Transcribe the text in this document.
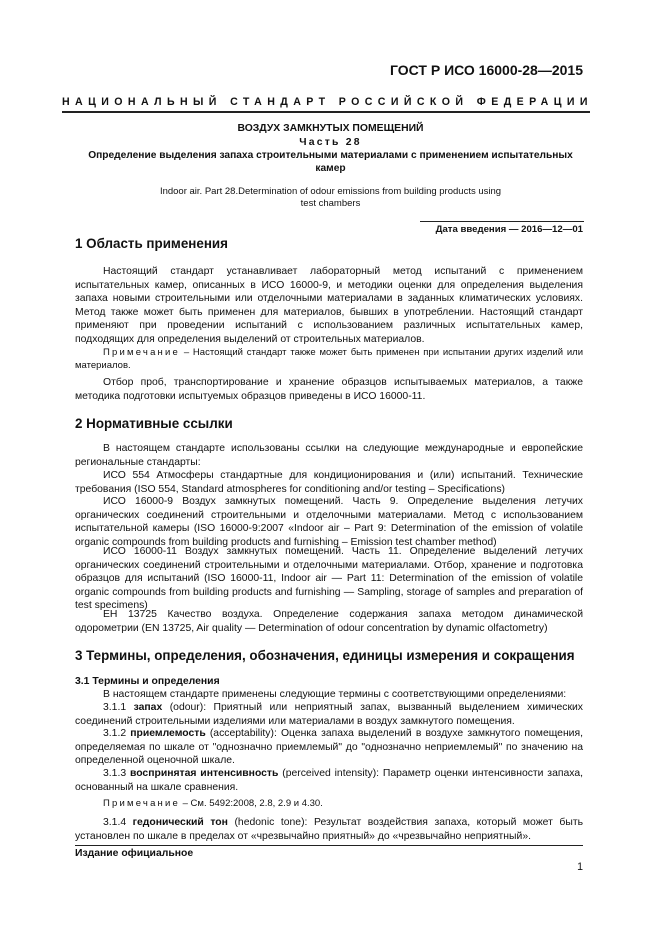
ГОСТ Р ИСО 16000-28—2015
НАЦИОНАЛЬНЫЙ СТАНДАРТ РОССИЙСКОЙ ФЕДЕРАЦИИ
ВОЗДУХ ЗАМКНУТЫХ ПОМЕЩЕНИЙ
Часть 28
Определение выделения запаха строительными материалами с применением испытательных
камер
Indoor air. Part 28.Determination of odour emissions from building products using
test chambers
Дата введения — 2016—12—01
1 Область применения

Настоящий стандарт устанавливает лабораторный метод испытаний с применением испытательных камер, описанных в ИСО 16000-9, и методики оценки для определения выделения запаха новыми строительными или отделочными материалами в заданных климатических условиях. Метод также может быть применен для материалов, бывших в употреблении. Настоящий стандарт применяют при проведении испытаний с использованием различных испытательных камер, подходящих для определения выделений от строительных материалов.

Примечание – Настоящий стандарт также может быть применен при испытании других изделий или материалов.

Отбор проб, транспортирование и хранение образцов испытываемых материалов, а также методика подготовки испытуемых образцов приведены в ИСО 16000-11.

2 Нормативные ссылки

В настоящем стандарте использованы ссылки на следующие международные и европейские региональные стандарты:

ИСО 554 Атмосферы стандартные для кондиционирования и (или) испытаний. Технические требования (ISO 554, Standard atmospheres for conditioning and/or testing – Specifications)

ИСО 16000-9 Воздух замкнутых помещений. Часть 9. Определение выделения летучих органических соединений строительными и отделочными материалами. Метод с использованием испытательной камеры (ISO 16000-9:2007 «Indoor air – Part 9: Determination of the emission of volatile organic compounds from building products and furnishing – Emission test chamber method)

ИСО 16000-11 Воздух замкнутых помещений. Часть 11. Определение выделений летучих органических соединений строительными и отделочными материалами. Отбор, хранение и подготовка образцов для испытаний (ISO 16000-11, Indoor air — Part 11: Determination of the emission of volatile organic compounds from building products and furnishing — Sampling, storage of samples and preparation of test specimens)

ЕН 13725 Качество воздуха. Определение содержания запаха методом динамической одорометрии (EN 13725, Air quality — Determination of odour concentration by dynamic olfactometry)

3 Термины, определения, обозначения, единицы измерения и сокращения

3.1 Термины и определения

В настоящем стандарте применены следующие термины с соответствующими определениями:

3.1.1 запах (odour): Приятный или неприятный запах, вызванный выделением химических соединений строительными изделиями или материалами в воздух замкнутого помещения.

3.1.2 приемлемость (acceptability): Оценка запаха выделений в воздухе замкнутого помещения, определяемая по шкале от "однозначно приемлемый" до "однозначно неприемлемый" по значению на определенной оценочной шкале.

3.1.3 воспринятая интенсивность (perceived intensity): Параметр оценки интенсивности запаха, основанный на шкале сравнения.

Примечание – См. 5492:2008, 2.8, 2.9 и 4.30.

3.1.4 гедонический тон (hedonic tone): Результат воздействия запаха, который может быть установлен по шкале в пределах от «чрезвычайно приятный» до «чрезвычайно неприятный».

Издание официальное
1
